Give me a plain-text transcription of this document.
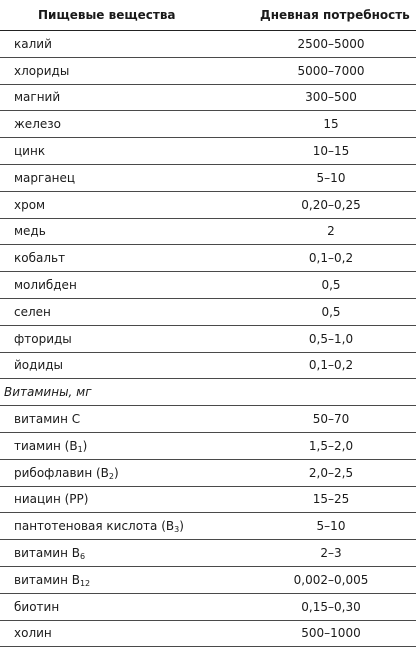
Пищевые вещества	Дневная потребность
калий	2500–5000
хлориды	5000–7000
магний	300–500
железо	15
цинк	10–15
марганец	5–10
хром	0,20–0,25
медь	2
кобальт	0,1–0,2
молибден	0,5
селен	0,5
фториды	0,5–1,0
йодиды	0,1–0,2
Витамины, мг	
витамин С	50–70
тиамин $(В_1)$	1,5–2,0
рибофлавин $(В_2)$	2,0–2,5
ниацин (РР)	15–25
пантотеновая кислота $(В_3)$	5–10
витамин $В_6$	2–3
витамин $В_{12}$	0,002–0,005
биотин	0,15–0,30
холин	500–1000
